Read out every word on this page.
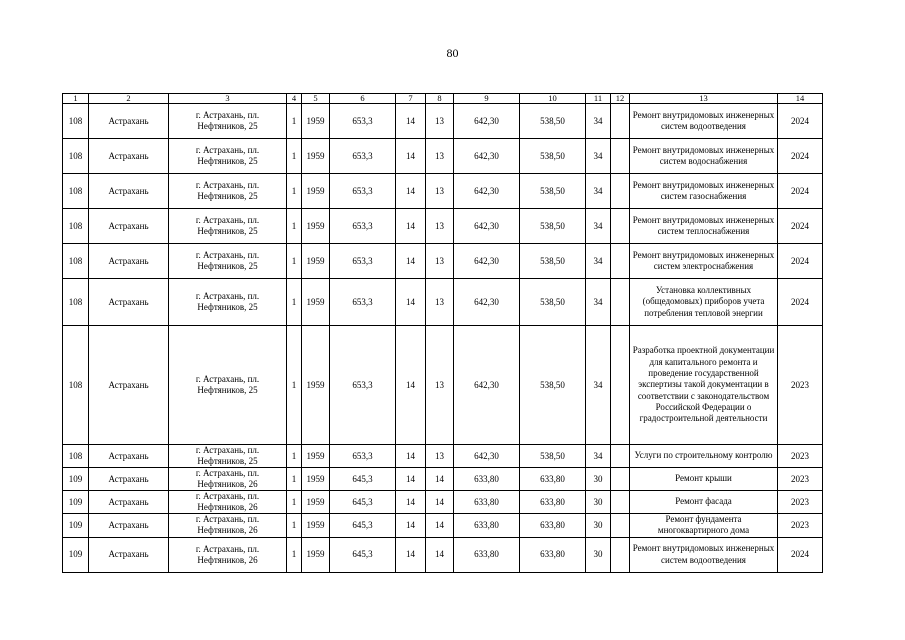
80
1	2	3	4	5	6	7	8	9	10	11	12	13	14
108	Астрахань	г. Астрахань, пл. Нефтяников, 25	1	1959	653,3	14	13	642,30	538,50	34		Ремонт внутридомовых инженерных систем водоотведения	2024
108	Астрахань	г. Астрахань, пл. Нефтяников, 25	1	1959	653,3	14	13	642,30	538,50	34		Ремонт внутридомовых инженерных систем водоснабжения	2024
108	Астрахань	г. Астрахань, пл. Нефтяников, 25	1	1959	653,3	14	13	642,30	538,50	34		Ремонт внутридомовых инженерных систем газоснабжения	2024
108	Астрахань	г. Астрахань, пл. Нефтяников, 25	1	1959	653,3	14	13	642,30	538,50	34		Ремонт внутридомовых инженерных систем теплоснабжения	2024
108	Астрахань	г. Астрахань, пл. Нефтяников, 25	1	1959	653,3	14	13	642,30	538,50	34		Ремонт внутридомовых инженерных систем электроснабжения	2024
108	Астрахань	г. Астрахань, пл. Нефтяников, 25	1	1959	653,3	14	13	642,30	538,50	34		Установка коллективных (общедомовых) приборов учета потребления тепловой энергии	2024
108	Астрахань	г. Астрахань, пл. Нефтяников, 25	1	1959	653,3	14	13	642,30	538,50	34		Разработка проектной документации для капитального ремонта и проведение государственной экспертизы такой документации в соответствии с законодательством Российской Федерации о градостроительной деятельности	2023
108	Астрахань	г. Астрахань, пл. Нефтяников, 25	1	1959	653,3	14	13	642,30	538,50	34		Услуги по строительному контролю	2023
109	Астрахань	г. Астрахань, пл. Нефтяников, 26	1	1959	645,3	14	14	633,80	633,80	30		Ремонт крыши	2023
109	Астрахань	г. Астрахань, пл. Нефтяников, 26	1	1959	645,3	14	14	633,80	633,80	30		Ремонт фасада	2023
109	Астрахань	г. Астрахань, пл. Нефтяников, 26	1	1959	645,3	14	14	633,80	633,80	30		Ремонт фундамента многоквартирного дома	2023
109	Астрахань	г. Астрахань, пл. Нефтяников, 26	1	1959	645,3	14	14	633,80	633,80	30		Ремонт внутридомовых инженерных систем водоотведения	2024
